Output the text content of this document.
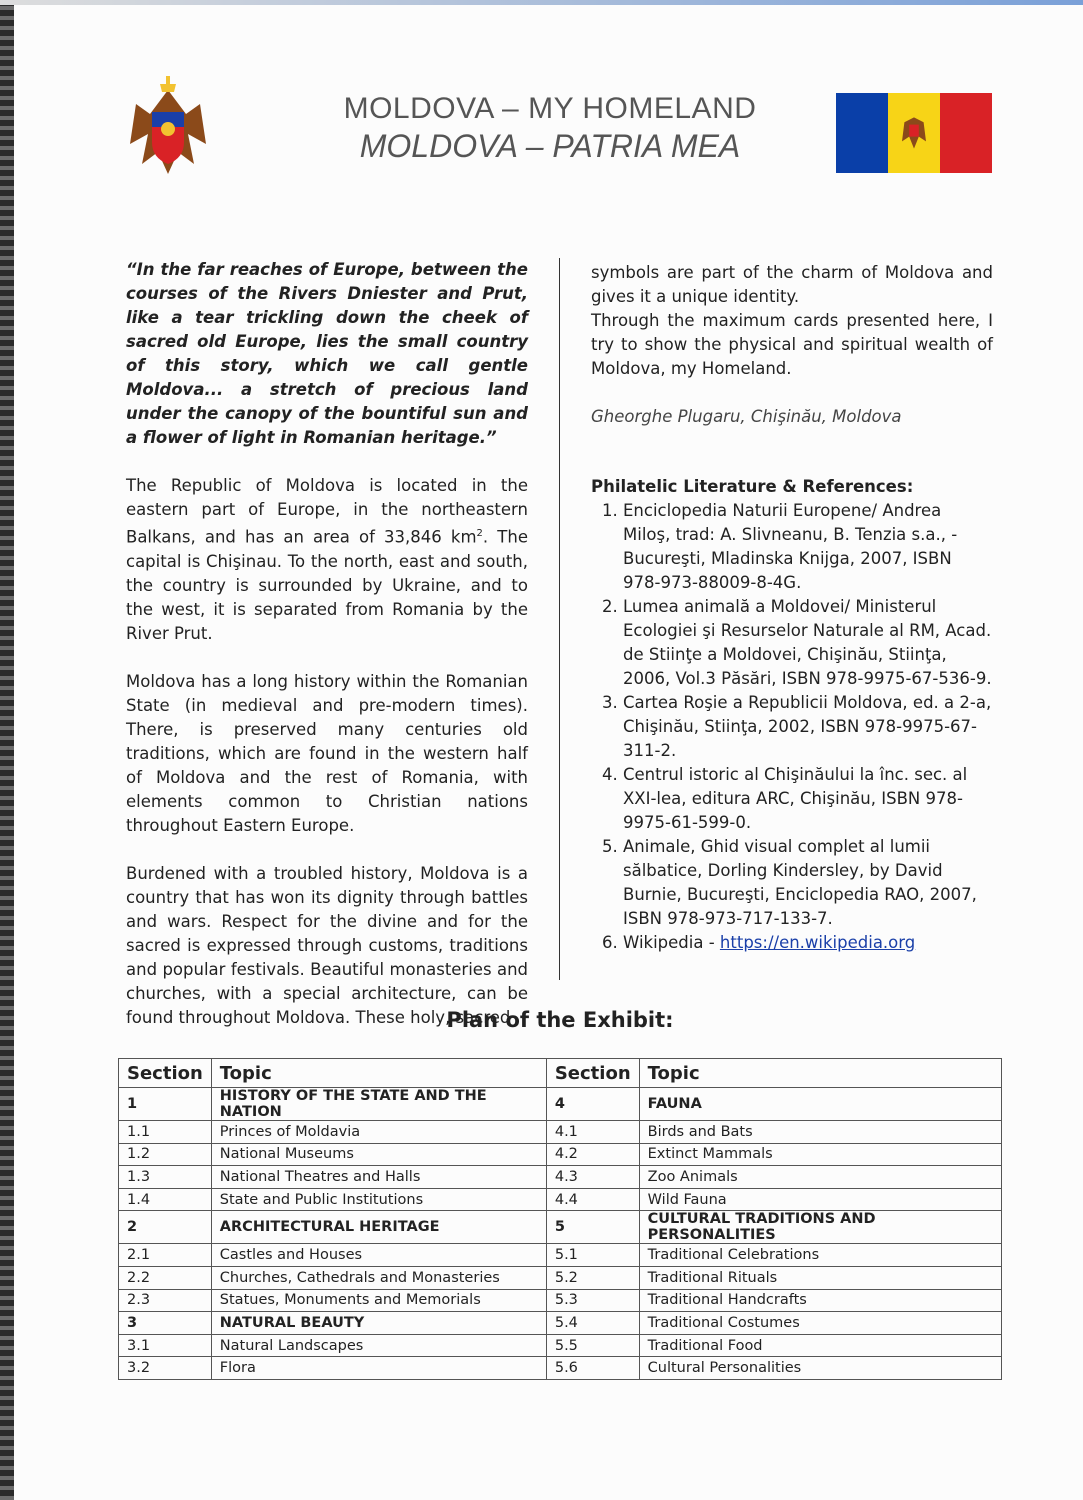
MOLDOVA – MY HOMELAND
MOLDOVA – PATRIA MEA

“In the far reaches of Europe, between the courses of the Rivers Dniester and Prut, like a tear trickling down the cheek of sacred old Europe, lies the small country of this story, which we call gentle Moldova... a stretch of precious land under the canopy of the bountiful sun and a flower of light in Romanian heritage.”

The Republic of Moldova is located in the eastern part of Europe, in the northeastern Balkans, and has an area of 33,846 $km^2$. The capital is Chişinau. To the north, east and south, the country is surrounded by Ukraine, and to the west, it is separated from Romania by the River Prut.

Moldova has a long history within the Romanian State (in medieval and pre-modern times). There, is preserved many centuries old traditions, which are found in the western half of Moldova and the rest of Romania, with elements common to Christian nations throughout Eastern Europe.

Burdened with a troubled history, Moldova is a country that has won its dignity through battles and wars. Respect for the divine and for the sacred is expressed through customs, traditions and popular festivals. Beautiful monasteries and churches, with a special architecture, can be found throughout Moldova. These holy, sacred

symbols are part of the charm of Moldova and gives it a unique identity.

Through the maximum cards presented here, I try to show the physical and spiritual wealth of Moldova, my Homeland.

Gheorghe Plugaru, Chişinău, Moldova
Philatelic Literature & References:
1. Enciclopedia Naturii Europene/ Andrea Miloş, trad: A. Slivneanu, B. Tenzia s.a., - Bucureşti, Mladinska Knijga, 2007, ISBN 978-973-88009-8-4G.
2. Lumea animală a Moldovei/ Ministerul Ecologiei şi Resurselor Naturale al RM, Acad. de Stiinţe a Moldovei, Chişinău, Stiinţa, 2006, Vol.3 Păsări, ISBN 978-9975-67-536-9.
3. Cartea Roşie a Republicii Moldova, ed. a 2-a, Chişinău, Stiinţa, 2002, ISBN 978-9975-67-311-2.
4. Centrul istoric al Chişinăului la înc. sec. al XXI-lea, editura ARC, Chişinău, ISBN 978-9975-61-599-0.
5. Animale, Ghid visual complet al lumii sălbatice, Dorling Kindersley, by David Burnie, Bucureşti, Enciclopedia RAO, 2007, ISBN 978-973-717-133-7.
6. Wikipedia - https://en.wikipedia.org
Plan of the Exhibit:
Section	Topic	Section	Topic
1	HISTORY OF THE STATE AND THE NATION	4	FAUNA
1.1	Princes of Moldavia	4.1	Birds and Bats
1.2	National Museums	4.2	Extinct Mammals
1.3	National Theatres and Halls	4.3	Zoo Animals
1.4	State and Public Institutions	4.4	Wild Fauna
2	ARCHITECTURAL HERITAGE	5	CULTURAL TRADITIONS AND PERSONALITIES
2.1	Castles and Houses	5.1	Traditional Celebrations
2.2	Churches, Cathedrals and Monasteries	5.2	Traditional Rituals
2.3	Statues, Monuments and Memorials	5.3	Traditional Handcrafts
3	NATURAL BEAUTY	5.4	Traditional Costumes
3.1	Natural Landscapes	5.5	Traditional Food
3.2	Flora	5.6	Cultural Personalities
